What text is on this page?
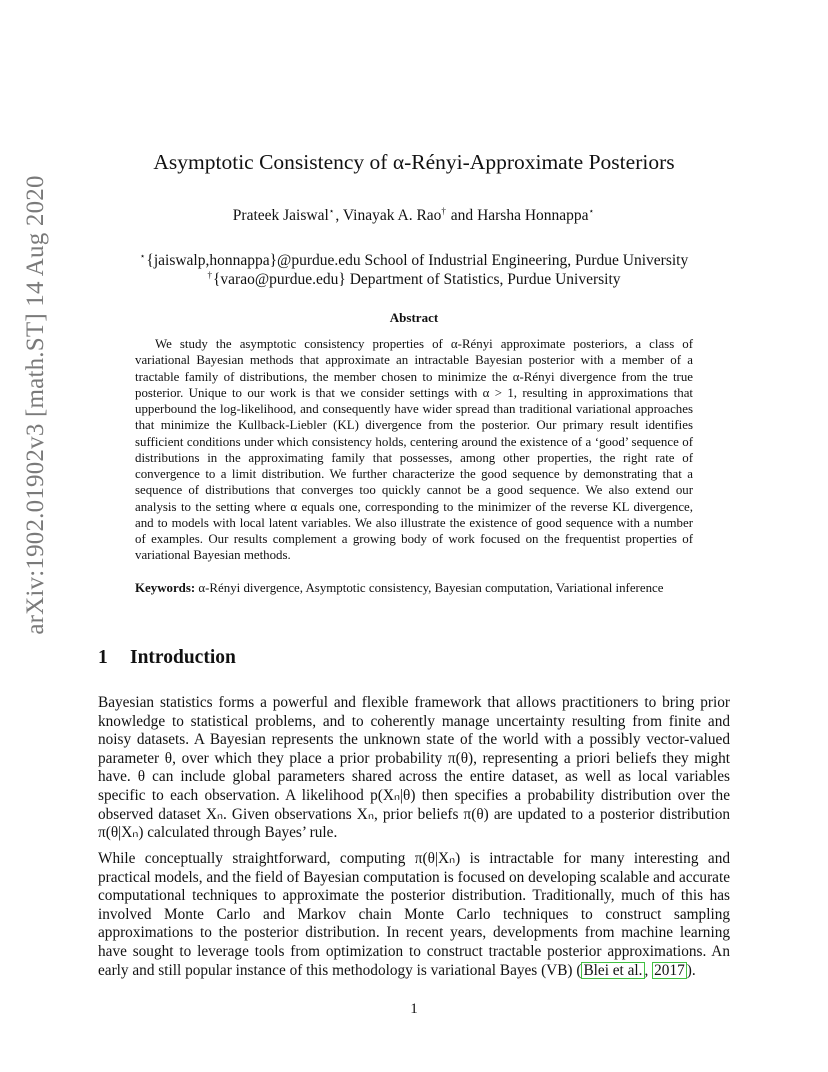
arXiv:1902.01902v3 [math.ST] 14 Aug 2020
Asymptotic Consistency of α-Rényi-Approximate Posteriors
Prateek Jaiswal⋆, Vinayak A. Rao† and Harsha Honnappa⋆
⋆{jaiswalp,honnappa}@purdue.edu School of Industrial Engineering, Purdue University
†{varao@purdue.edu} Department of Statistics, Purdue University
Abstract

We study the asymptotic consistency properties of α-Rényi approximate posteriors, a class of variational Bayesian methods that approximate an intractable Bayesian posterior with a member of a tractable family of distributions, the member chosen to minimize the α-Rényi divergence from the true posterior. Unique to our work is that we consider settings with α > 1, resulting in approximations that upperbound the log-likelihood, and consequently have wider spread than traditional variational approaches that minimize the Kullback-Liebler (KL) divergence from the posterior. Our primary result identifies sufficient conditions under which consistency holds, centering around the existence of a ‘good’ sequence of distributions in the approximating family that possesses, among other properties, the right rate of convergence to a limit distribution. We further characterize the good sequence by demonstrating that a sequence of distributions that converges too quickly cannot be a good sequence. We also extend our analysis to the setting where α equals one, corresponding to the minimizer of the reverse KL divergence, and to models with local latent variables. We also illustrate the existence of good sequence with a number of examples. Our results complement a growing body of work focused on the frequentist properties of variational Bayesian methods.

Keywords: α-Rényi divergence, Asymptotic consistency, Bayesian computation, Variational inference

1 Introduction

Bayesian statistics forms a powerful and flexible framework that allows practitioners to bring prior knowledge to statistical problems, and to coherently manage uncertainty resulting from finite and noisy datasets. A Bayesian represents the unknown state of the world with a possibly vector-valued parameter θ, over which they place a prior probability π(θ), representing a priori beliefs they might have. θ can include global parameters shared across the entire dataset, as well as local variables specific to each observation. A likelihood p(Xₙ|θ) then specifies a probability distribution over the observed dataset Xₙ. Given observations Xₙ, prior beliefs π(θ) are updated to a posterior distribution π(θ|Xₙ) calculated through Bayes’ rule.

While conceptually straightforward, computing π(θ|Xₙ) is intractable for many interesting and practical models, and the field of Bayesian computation is focused on developing scalable and accurate computational techniques to approximate the posterior distribution. Traditionally, much of this has involved Monte Carlo and Markov chain Monte Carlo techniques to construct sampling approximations to the posterior distribution. In recent years, developments from machine learning have sought to leverage tools from optimization to construct tractable posterior approximations. An early and still popular instance of this methodology is variational Bayes (VB) ( Blei et al. , 2017 ).

1
